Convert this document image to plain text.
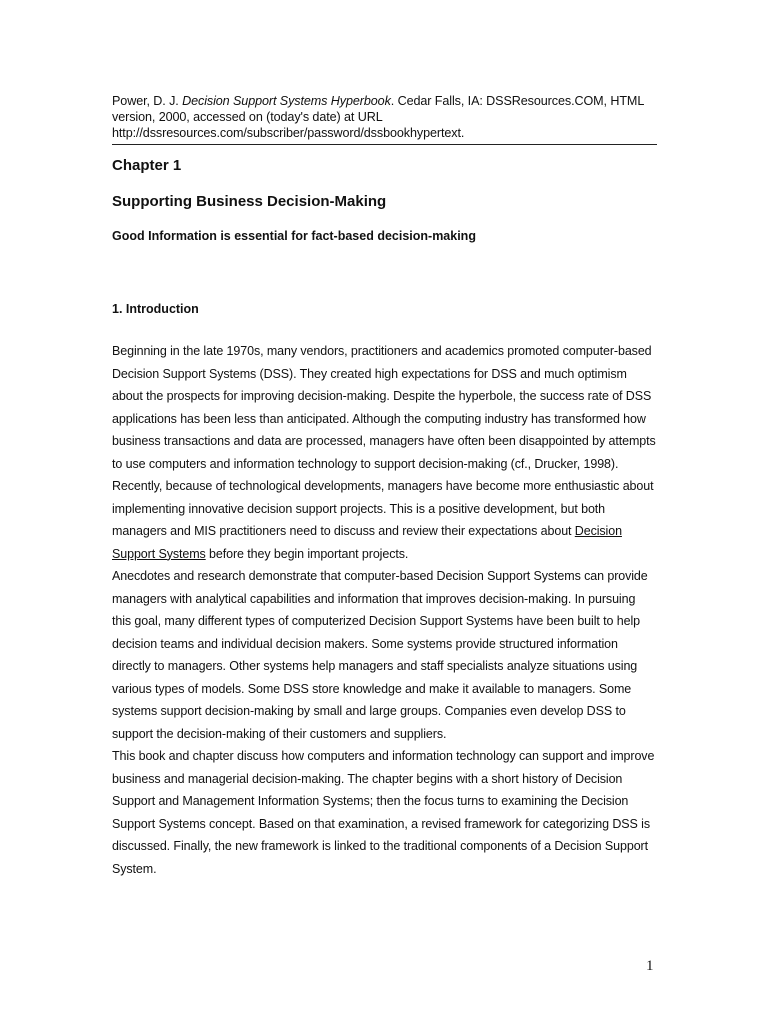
Power, D. J. Decision Support Systems Hyperbook. Cedar Falls, IA: DSSResources.COM, HTML version, 2000, accessed on (today's date) at URL http://dssresources.com/subscriber/password/dssbookhypertext.

Chapter 1
Supporting Business Decision-Making
Good Information is essential for fact-based decision-making
1. Introduction

Beginning in the late 1970s, many vendors, practitioners and academics promoted computer-based Decision Support Systems (DSS). They created high expectations for DSS and much optimism about the prospects for improving decision-making. Despite the hyperbole, the success rate of DSS applications has been less than anticipated. Although the computing industry has transformed how business transactions and data are processed, managers have often been disappointed by attempts to use computers and information technology to support decision-making (cf., Drucker, 1998). Recently, because of technological developments, managers have become more enthusiastic about implementing innovative decision support projects. This is a positive development, but both managers and MIS practitioners need to discuss and review their expectations about Decision Support Systems before they begin important projects.

Anecdotes and research demonstrate that computer-based Decision Support Systems can provide managers with analytical capabilities and information that improves decision-making. In pursuing this goal, many different types of computerized Decision Support Systems have been built to help decision teams and individual decision makers. Some systems provide structured information directly to managers. Other systems help managers and staff specialists analyze situations using various types of models. Some DSS store knowledge and make it available to managers. Some systems support decision-making by small and large groups. Companies even develop DSS to support the decision-making of their customers and suppliers.

This book and chapter discuss how computers and information technology can support and improve business and managerial decision-making. The chapter begins with a short history of Decision Support and Management Information Systems; then the focus turns to examining the Decision Support Systems concept. Based on that examination, a revised framework for categorizing DSS is discussed. Finally, the new framework is linked to the traditional components of a Decision Support System.

1
